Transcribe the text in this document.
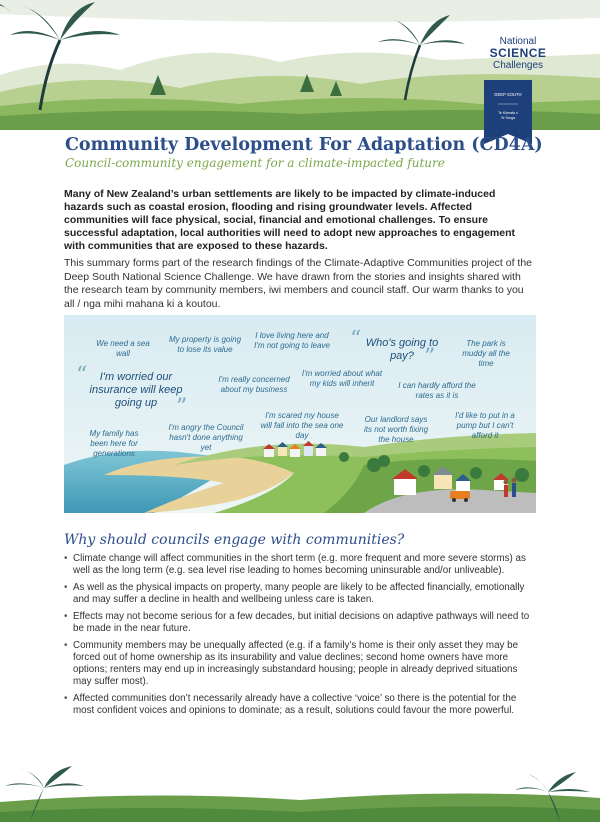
National
SCIENCE
Challenges
DEEP SOUTH
Te Kōmata o
Te Tonga
Community Development For Adaptation (CD4A)
Council-community engagement for a climate-impacted future
Many of New Zealand’s urban settlements are likely to be impacted by climate-induced hazards such as coastal erosion, flooding and rising groundwater levels. Affected communities will face physical, social, financial and emotional challenges. To ensure successful adaptation, local authorities will need to adopt new approaches to engagement with communities that are exposed to these hazards.
This summary forms part of the research findings of the Climate-Adaptive Communities project of the Deep South National Science Challenge. We have drawn from the stories and insights shared with the research team by community members, iwi members and council staff. Our warm thanks to you all / nga mihi mahana ki a koutou.
We need a sea wall
My property is going to lose its value
I love living here and I'm not going to leave “ Who's going to pay? ”
The park is muddy all the time
“	I'm worried our insurance will keep going up ”
I'm really concerned about my business
I'm worried about what my kids will inherit	I can hardly afford the rates as it is
My family has been here for generations
I'm angry the Council hasn't done anything yet
I'm scared my house will fall into the sea one day
Our landlord says its not worth fixing the house
I'd like to put in a pump but I can't afford it
Why should councils engage with communities?
• Climate change will affect communities in the short term (e.g. more frequent and more severe storms) as well as the long term (e.g. sea level rise leading to homes becoming uninsurable and/or unliveable).
• As well as the physical impacts on property, many people are likely to be affected financially, emotionally and may suffer a decline in health and wellbeing unless care is taken.
• Effects may not become serious for a few decades, but initial decisions on adaptive pathways will need to be made in the near future.
• Community members may be unequally affected (e.g. if a family’s home is their only asset they may be forced out of home ownership as its insurability and value declines; second home owners have more options; renters may end up in increasingly substandard housing; people in already deprived situations may suffer most).
• Affected communities don’t necessarily already have a collective ‘voice’ so there is the potential for the most confident voices and opinions to dominate; as a result, solutions could favour the more powerful.
